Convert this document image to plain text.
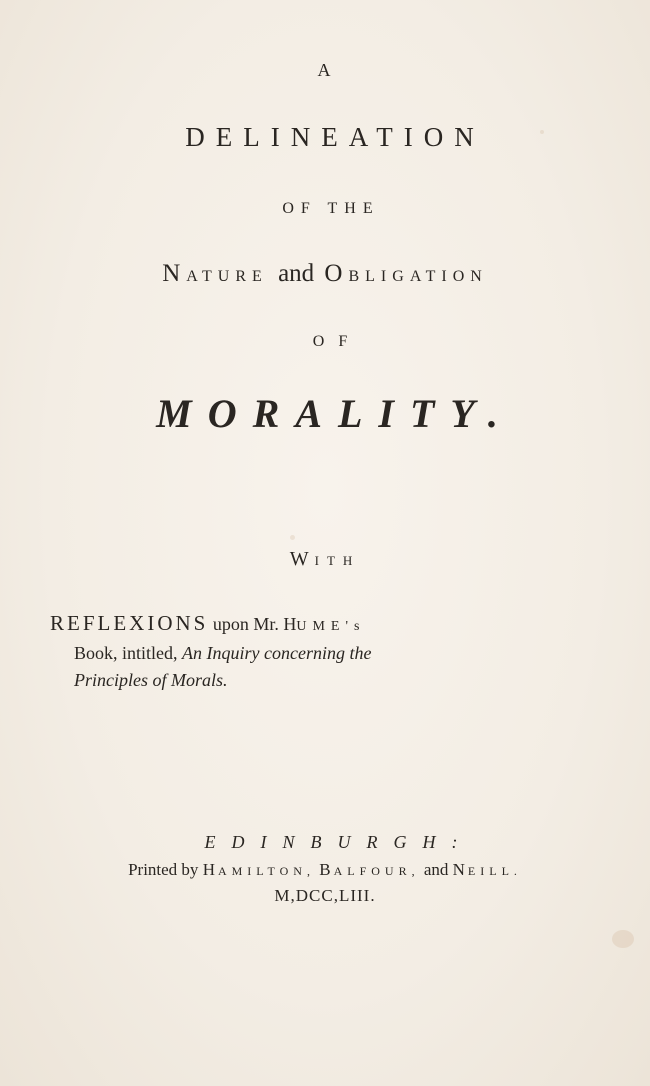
A
DELINEATION
OF THE
NATURE and OBLIGATION
OF
MORALITY.
WITH
REFLEXIONS upon Mr. HUME's
Book, intitled, An Inquiry concerning the
Principles of Morals.
EDINBURGH:
Printed by HAMILTON, BALFOUR, and NEILL.
M,DCC,LIII.
